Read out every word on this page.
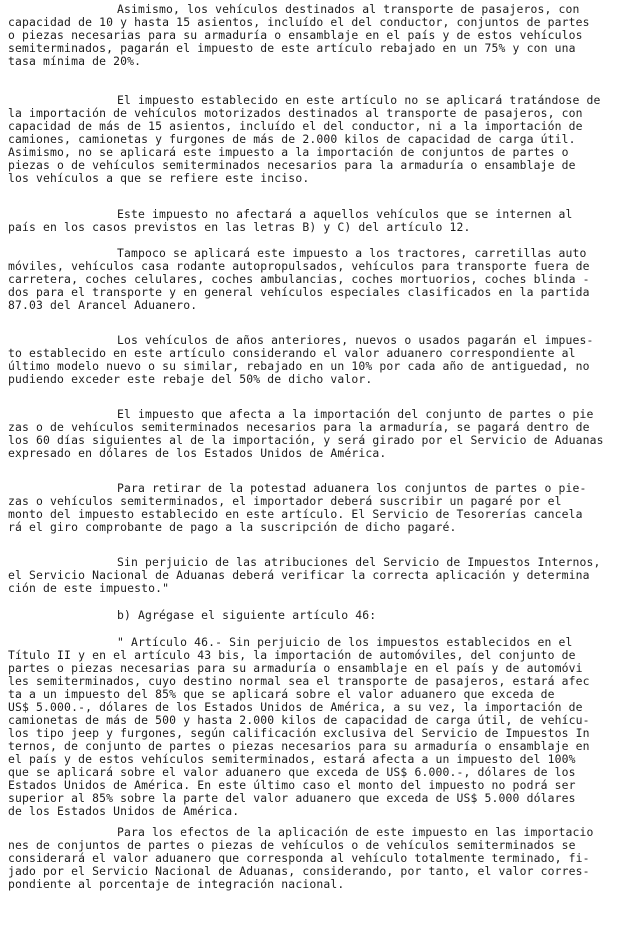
Asimismo, los vehículos destinados al transporte de pasajeros, con
capacidad de 10 y hasta 15 asientos, incluído el del conductor, conjuntos de partes
o piezas necesarias para su armaduría o ensamblaje en el país y de estos vehículos
semiterminados, pagarán el impuesto de este artículo rebajado en un 75% y con una
tasa mínima de 20%.
El impuesto establecido en este artículo no se aplicará tratándose de
la importación de vehículos motorizados destinados al transporte de pasajeros, con
capacidad de más de 15 asientos, incluído el del conductor, ni a la importación de
camiones, camionetas y furgones de más de 2.000 kilos de capacidad de carga útil.
Asimismo, no se aplicará este impuesto a la importación de conjuntos de partes o
piezas o de vehículos semiterminados necesarios para la armaduría o ensamblaje de
los vehículos a que se refiere este inciso.
Este impuesto no afectará a aquellos vehículos que se internen al
país en los casos previstos en las letras B) y C) del artículo 12.
Tampoco se aplicará este impuesto a los tractores, carretillas auto
móviles, vehículos casa rodante autopropulsados, vehículos para transporte fuera de
carretera, coches celulares, coches ambulancias, coches mortuorios, coches blinda -
dos para el transporte y en general vehículos especiales clasificados en la partida
87.03 del Arancel Aduanero.
Los vehículos de años anteriores, nuevos o usados pagarán el impues-
to establecido en este artículo considerando el valor aduanero correspondiente al
último modelo nuevo o su similar, rebajado en un 10% por cada año de antiguedad, no
pudiendo exceder este rebaje del 50% de dicho valor.
El impuesto que afecta a la importación del conjunto de partes o pie
zas o de vehículos semiterminados necesarios para la armaduría, se pagará dentro de
los 60 días siguientes al de la importación, y será girado por el Servicio de Aduanas
expresado en dólares de los Estados Unidos de América.
Para retirar de la potestad aduanera los conjuntos de partes o pie-
zas o vehículos semiterminados, el importador deberá suscribir un pagaré por el
monto del impuesto establecido en este artículo. El Servicio de Tesorerías cancela
rá el giro comprobante de pago a la suscripción de dicho pagaré.
Sin perjuicio de las atribuciones del Servicio de Impuestos Internos,
el Servicio Nacional de Aduanas deberá verificar la correcta aplicación y determina
ción de este impuesto."
b) Agrégase el siguiente artículo 46:
" Artículo 46.- Sin perjuicio de los impuestos establecidos en el
Título II y en el artículo 43 bis, la importación de automóviles, del conjunto de
partes o piezas necesarias para su armaduría o ensamblaje en el país y de automóvi
les semiterminados, cuyo destino normal sea el transporte de pasajeros, estará afec
ta a un impuesto del 85% que se aplicará sobre el valor aduanero que exceda de
US$ 5.000.-, dólares de los Estados Unidos de América, a su vez, la importación de
camionetas de más de 500 y hasta 2.000 kilos de capacidad de carga útil, de vehícu-
los tipo jeep y furgones, según calificación exclusiva del Servicio de Impuestos In
ternos, de conjunto de partes o piezas necesarios para su armaduría o ensamblaje en
el país y de estos vehículos semiterminados, estará afecta a un impuesto del 100%
que se aplicará sobre el valor aduanero que exceda de US$ 6.000.-, dólares de los
Estados Unidos de América. En este último caso el monto del impuesto no podrá ser
superior al 85% sobre la parte del valor aduanero que exceda de US$ 5.000 dólares
de los Estados Unidos de América.
Para los efectos de la aplicación de este impuesto en las importacio
nes de conjuntos de partes o piezas de vehículos o de vehículos semiterminados se
considerará el valor aduanero que corresponda al vehículo totalmente terminado, fi-
jado por el Servicio Nacional de Aduanas, considerando, por tanto, el valor corres-
pondiente al porcentaje de integración nacional.
